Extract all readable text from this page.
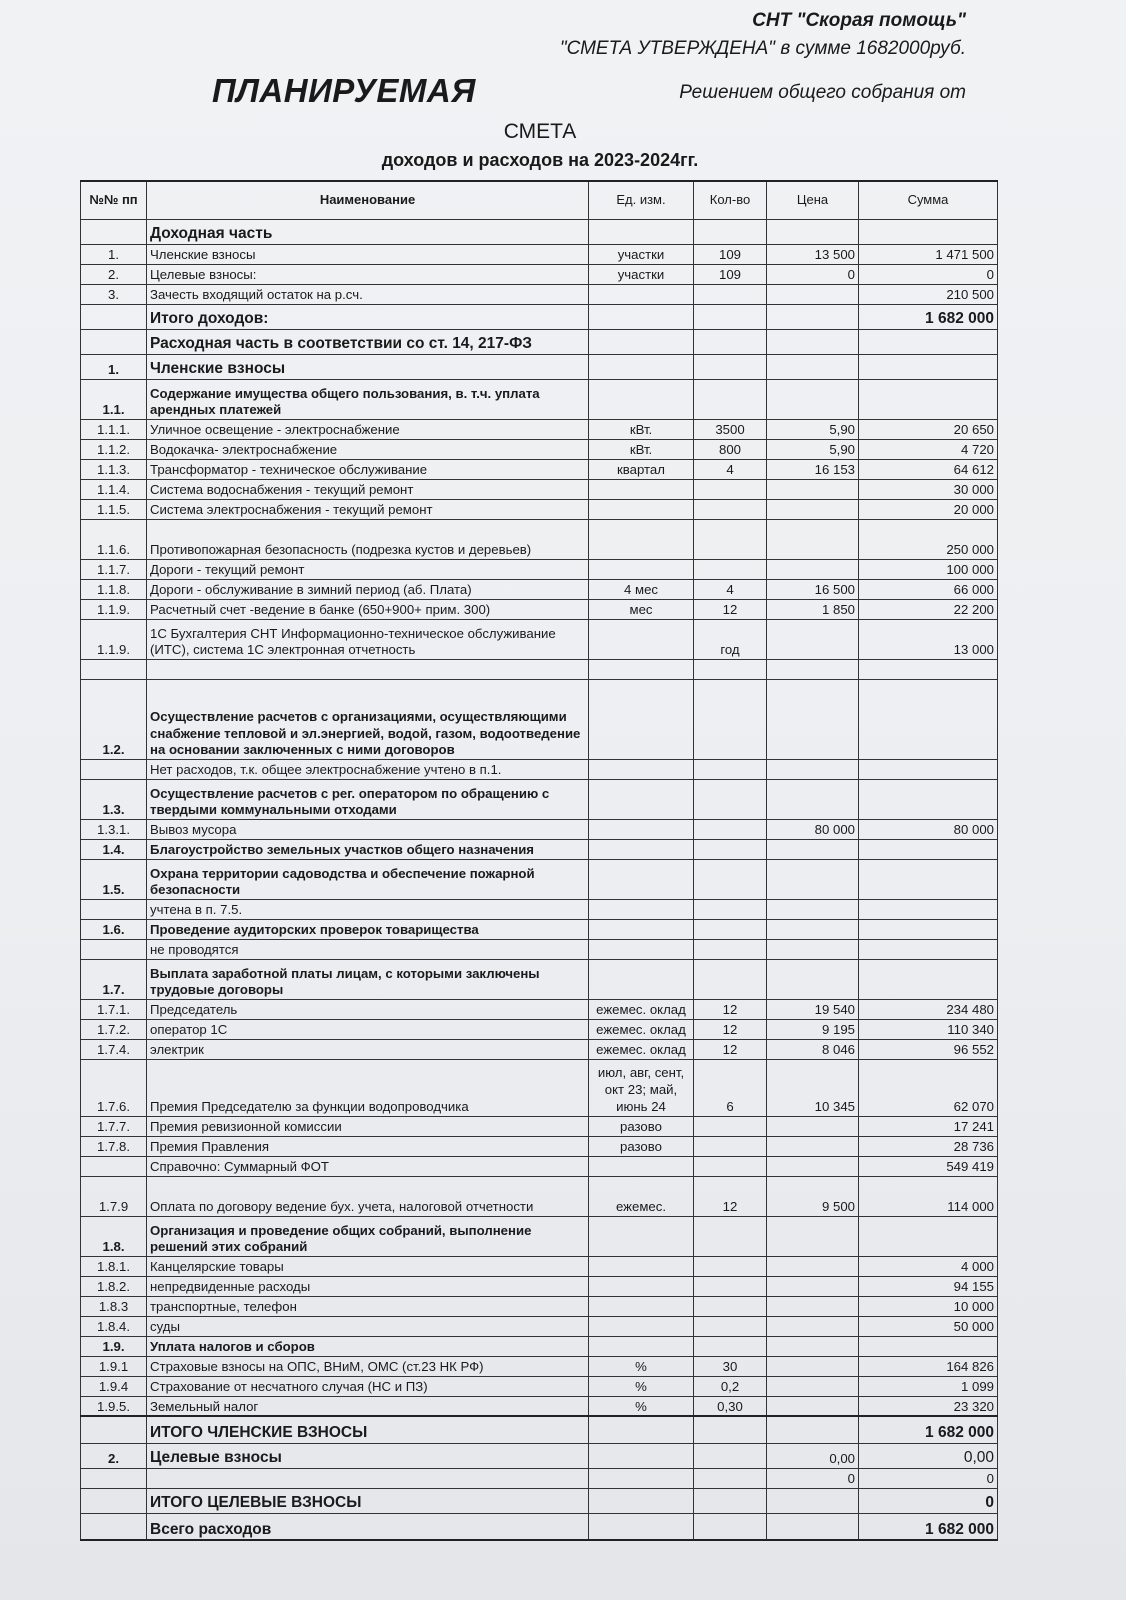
СНТ "Скорая помощь"
"СМЕТА УТВЕРЖДЕНА" в сумме 1682000руб.
Решением общего собрания от
ПЛАНИРУЕМАЯ
СМЕТА
доходов и расходов на 2023-2024гг.
№№ пп	Наименование	Ед. изм.	Кол-во	Цена	Сумма
	Доходная часть				
1.	Членские взносы	участки	109	13 500	1 471 500
2.	Целевые взносы:	участки	109	0	0
3.	Зачесть входящий остаток на р.сч.				210 500
	Итого доходов:				1 682 000
	Расходная часть в соответствии со ст. 14, 217-ФЗ				
1.	Членские взносы				
1.1.	Содержание имущества общего пользования, в. т.ч. уплата арендных платежей				
1.1.1.	Уличное освещение - электроснабжение	кВт.	3500	5,90	20 650
1.1.2.	Водокачка- электроснабжение	кВт.	800	5,90	4 720
1.1.3.	Трансформатор - техническое обслуживание	квартал	4	16 153	64 612
1.1.4.	Система водоснабжения - текущий ремонт				30 000
1.1.5.	Система электроснабжения - текущий ремонт				20 000
1.1.6.	Противопожарная безопасность (подрезка кустов и деревьев)				250 000
1.1.7.	Дороги - текущий ремонт				100 000
1.1.8.	Дороги - обслуживание в зимний период (аб. Плата)	4 мес	4	16 500	66 000
1.1.9.	Расчетный счет -ведение в банке (650+900+ прим. 300)	мес	12	1 850	22 200
1.1.9.	1С Бухгалтерия СНТ Информационно-техническое обслуживание (ИТС), система 1С электронная отчетность		год		13 000

1.2.	Осуществление расчетов с организациями, осуществляющими снабжение тепловой и эл.энергией, водой, газом, водоотведение на основании заключенных с ними договоров				
	Нет расходов, т.к. общее электроснабжение учтено в п.1.				
1.3.	Осуществление расчетов с рег. оператором по обращению с твердыми коммунальными отходами				
1.3.1.	Вывоз мусора			80 000	80 000
1.4.	Благоустройство земельных участков общего назначения				
1.5.	Охрана территории садоводства и обеспечение пожарной безопасности				
	учтена в п. 7.5.				
1.6.	Проведение аудиторских проверок товарищества				
	не проводятся				
1.7.	Выплата заработной платы лицам, с которыми заключены трудовые договоры				
1.7.1.	Председатель	ежемес. оклад	12	19 540	234 480
1.7.2.	оператор 1С	ежемес. оклад	12	9 195	110 340
1.7.4.	электрик	ежемес. оклад	12	8 046	96 552
1.7.6.	Премия Председателю за функции водопроводчика	июл, авг, сент, окт 23; май, июнь 24	6	10 345	62 070
1.7.7.	Премия ревизионной комиссии	разово			17 241
1.7.8.	Премия Правления	разово			28 736
	Справочно: Суммарный ФОТ				549 419
1.7.9	Оплата по договору ведение бух. учета, налоговой отчетности	ежемес.	12	9 500	114 000
1.8.	Организация и проведение общих собраний, выполнение решений этих собраний				
1.8.1.	Канцелярские товары				4 000
1.8.2.	непредвиденные расходы				94 155
1.8.3	транспортные, телефон				10 000
1.8.4.	суды				50 000
1.9.	Уплата налогов и сборов				
1.9.1	Страховые взносы на ОПС, ВНиМ, ОМС (ст.23 НК РФ)	%	30		164 826
1.9.4	Страхование от несчатного случая (НС и ПЗ)	%	0,2		1 099
1.9.5.	Земельный налог	%	0,30		23 320
	ИТОГО ЧЛЕНСКИЕ ВЗНОСЫ				1 682 000
2.	Целевые взносы			0,00	0,00
				0	0
	ИТОГО ЦЕЛЕВЫЕ ВЗНОСЫ				0
	Всего расходов				1 682 000
